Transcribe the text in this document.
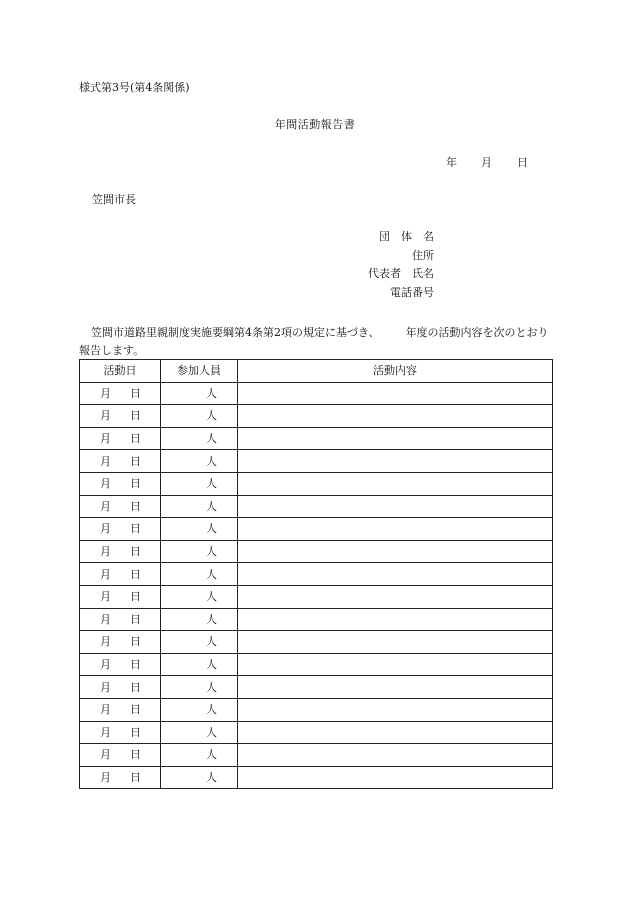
様式第3号(第4条関係)
年間活動報告書
年 月 日
笠間市長
団　体　名
住所
代表者　氏名
電話番号
笠間市道路里親制度実施要綱第4条第2項の規定に基づき、 年度の活動内容を次のとおり報告します。
活動日	参加人員	活動内容
月 日	人	
月 日	人	
月 日	人	
月 日	人	
月 日	人	
月 日	人	
月 日	人	
月 日	人	
月 日	人	
月 日	人	
月 日	人	
月 日	人	
月 日	人	
月 日	人	
月 日	人	
月 日	人	
月 日	人	
月 日	人	
